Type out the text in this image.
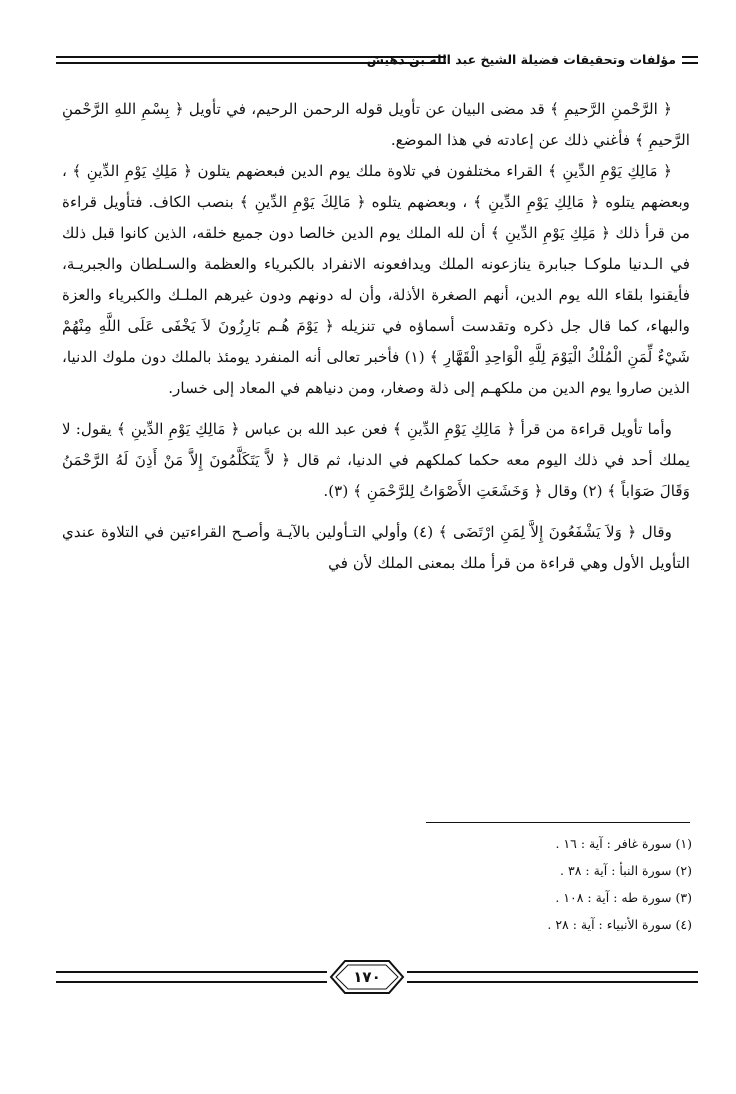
مؤلفات وتحقيقات فضيلة الشيخ عبد الله بن دهيش

﴿ الرَّحْمنِ الرَّحيمِ ﴾ قد مضى البيان عن تأويل قوله الرحمن الرحيم، في تأويل ﴿ بِسْمِ اللهِ الرَّحْمنِ الرَّحيمِ ﴾ فأغني ذلك عن إعادته في هذا الموضع.

﴿ مَالِكِ يَوْمِ الدِّينِ ﴾ القراء مختلفون في تلاوة ملك يوم الدين فبعضهم يتلون ﴿ مَلِكِ يَوْمِ الدِّينِ ﴾ ، وبعضهم يتلوه ﴿ مَالِكِ يَوْمِ الدِّينِ ﴾ ، وبعضهم يتلوه ﴿ مَالِكَ يَوْمِ الدِّينِ ﴾ بنصب الكاف. فتأويل قراءة من قرأ ذلك ﴿ مَلِكِ يَوْمِ الدِّينِ ﴾ أن لله الملك يوم الدين خالصا دون جميع خلقه، الذين كانوا قبل ذلك في الـدنيا ملوكـا جبابرة ينازعونه الملك ويدافعونه الانفراد بالكبرياء والعظمة والسـلطان والجبريـة، فأيقنوا بلقاء الله يوم الدين، أنهم الصغرة الأذلة، وأن له دونهم ودون غيرهم الملـك والكبرياء والعزة والبهاء، كما قال جل ذكره وتقدست أسماؤه في تنزيله ﴿ يَوْمَ هُـم بَارِزُونَ لاَ يَخْفَى عَلَى اللَّهِ مِنْهُمْ شَيْءٌ لِّمَنِ الْمُلْكُ الْيَوْمَ لِلَّهِ الْوَاحِدِ الْقَهَّارِ ﴾ (١) فأخبر تعالى أنه المنفرد يومئذ بالملك دون ملوك الدنيا، الذين صاروا يوم الدين من ملكهـم إلى ذلة وصغار، ومن دنياهم في المعاد إلى خسار.

وأما تأويل قراءة من قرأ ﴿ مَالِكِ يَوْمِ الدِّينِ ﴾ فعن عبد الله بن عباس ﴿ مَالِكِ يَوْمِ الدِّينِ ﴾ يقول: لا يملك أحد في ذلك اليوم معه حكما كملكهم في الدنيا، ثم قال ﴿ لاَّ يَتَكَلَّمُونَ إِلاَّ مَنْ أَذِنَ لَهُ الرَّحْمَنُ وَقَالَ صَوَاباً ﴾ (٢) وقال ﴿ وَخَشَعَتِ الأَصْوَاتُ لِلرَّحْمَنِ ﴾ (٣).

وقال ﴿ وَلاَ يَشْفَعُونَ إِلاَّ لِمَنِ ارْتَضَى ﴾ (٤) وأولي التـأولين بالآيـة وأصـح القراءتين في التلاوة عندي التأويل الأول وهي قراءة من قرأ ملك بمعنى الملك لأن في

(١) سورة غافر : آية : ١٦ .
(٢) سورة النبأ : آية : ٣٨ .
(٣) سورة طه : آية : ١٠٨ .
(٤) سورة الأنبياء : آية : ٢٨ .
١٧٠
